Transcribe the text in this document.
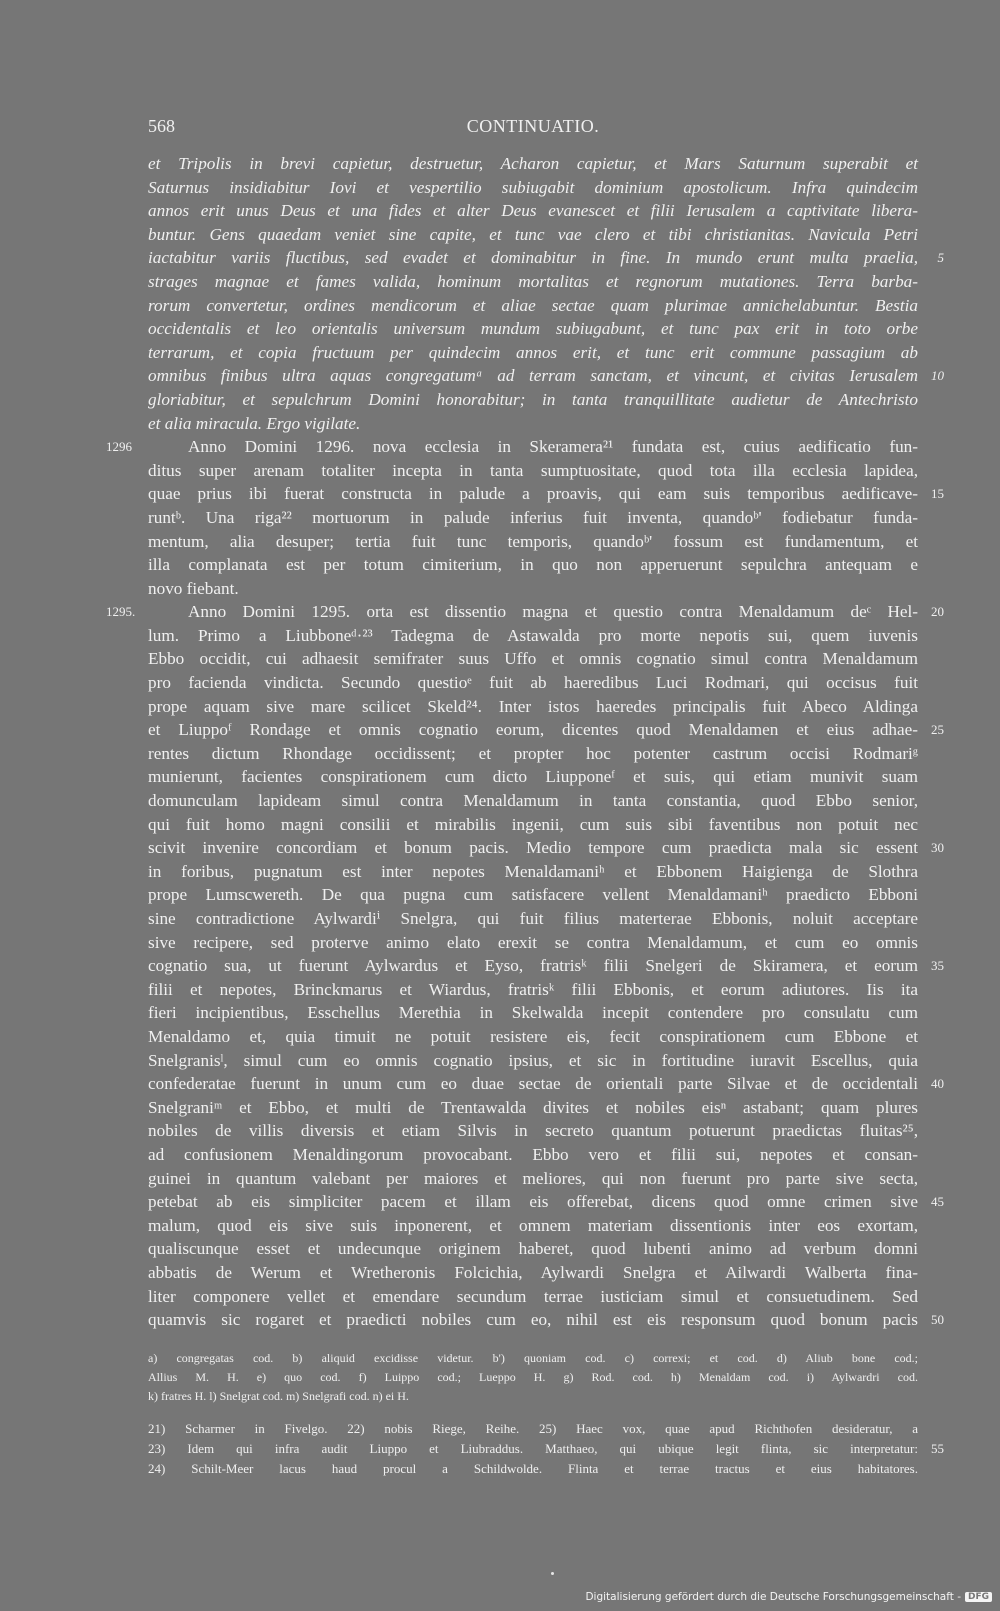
568	CONTINUATIO.
et Tripolis in brevi capietur, destruetur, Acharon capietur, et Mars Saturnum superabit et
Saturnus insidiabitur Iovi et vespertilio subiugabit dominium apostolicum. Infra quindecim
annos erit unus Deus et una fides et alter Deus evanescet et filii Ierusalem a captivitate libera-
buntur. Gens quaedam veniet sine capite, et tunc vae clero et tibi christianitas. Navicula Petri
iactabitur variis fluctibus, sed evadet et dominabitur in fine. In mundo erunt multa praelia, 5
strages magnae et fames valida, hominum mortalitas et regnorum mutationes. Terra barba-
rorum convertetur, ordines mendicorum et aliae sectae quam plurimae annichelabuntur. Bestia
occidentalis et leo orientalis universum mundum subiugabunt, et tunc pax erit in toto orbe
terrarum, et copia fructuum per quindecim annos erit, et tunc erit commune passagium ab
omnibus finibus ultra aquas congregatumᵃ ad terram sanctam, et vincunt, et civitas Ierusalem 10
gloriabitur, et sepulchrum Domini honorabitur; in tanta tranquillitate audietur de Antechristo
et alia miracula. Ergo vigilate.
Anno Domini 1296. nova ecclesia in Skeramera²¹ fundata est, cuius aedificatio fun-
1296
ditus super arenam totaliter incepta in tanta sumptuositate, quod tota illa ecclesia lapidea,
quae prius ibi fuerat constructa in palude a proavis, qui eam suis temporibus aedificave- 15
runtᵇ. Una riga²² mortuorum in palude inferius fuit inventa, quandoᵇ' fodiebatur funda-
mentum, alia desuper; tertia fuit tunc temporis, quandoᵇ' fossum est fundamentum, et
illa complanata est per totum cimiterium, in quo non apperuerunt sepulchra antequam e
novo fiebant.
Anno Domini 1295. orta est dissentio magna et questio contra Menaldamum deᶜ Hel- 20
1295.
lum. Primo a Liubboneᵈ·²³ Tadegma de Astawalda pro morte nepotis sui, quem iuvenis
Ebbo occidit, cui adhaesit semifrater suus Uffo et omnis cognatio simul contra Menaldamum
pro facienda vindicta. Secundo questioᵉ fuit ab haeredibus Luci Rodmari, qui occisus fuit
prope aquam sive mare scilicet Skeld²⁴. Inter istos haeredes principalis fuit Abeco Aldinga
et Liuppoᶠ Rondage et omnis cognatio eorum, dicentes quod Menaldamen et eius adhae- 25
rentes dictum Rhondage occidissent; et propter hoc potenter castrum occisi Rodmariᵍ
munierunt, facientes conspirationem cum dicto Liupponeᶠ et suis, qui etiam munivit suam
domunculam lapideam simul contra Menaldamum in tanta constantia, quod Ebbo senior,
qui fuit homo magni consilii et mirabilis ingenii, cum suis sibi faventibus non potuit nec
scivit invenire concordiam et bonum pacis. Medio tempore cum praedicta mala sic essent 30
in foribus, pugnatum est inter nepotes Menaldamaniʰ et Ebbonem Haigienga de Slothra
prope Lumscwereth. De qua pugna cum satisfacere vellent Menaldamaniʰ praedicto Ebboni
sine contradictione Aylwardiⁱ Snelgra, qui fuit filius materterae Ebbonis, noluit acceptare
sive recipere, sed proterve animo elato erexit se contra Menaldamum, et cum eo omnis
cognatio sua, ut fuerunt Aylwardus et Eyso, fratrisᵏ filii Snelgeri de Skiramera, et eorum 35
filii et nepotes, Brinckmarus et Wiardus, fratrisᵏ filii Ebbonis, et eorum adiutores. Iis ita
fieri incipientibus, Esschellus Merethia in Skelwalda incepit contendere pro consulatu cum
Menaldamo et, quia timuit ne potuit resistere eis, fecit conspirationem cum Ebbone et
Snelgranisˡ, simul cum eo omnis cognatio ipsius, et sic in fortitudine iuravit Escellus, quia
confederatae fuerunt in unum cum eo duae sectae de orientali parte Silvae et de occidentali 40
Snelgraniᵐ et Ebbo, et multi de Trentawalda divites et nobiles eisⁿ astabant; quam plures
nobiles de villis diversis et etiam Silvis in secreto quantum potuerunt praedictas fluitas²⁵,
ad confusionem Menaldingorum provocabant. Ebbo vero et filii sui, nepotes et consan-
guinei in quantum valebant per maiores et meliores, qui non fuerunt pro parte sive secta,
petebat ab eis simpliciter pacem et illam eis offerebat, dicens quod omne crimen sive 45
malum, quod eis sive suis inponerent, et omnem materiam dissentionis inter eos exortam,
qualiscunque esset et undecunque originem haberet, quod lubenti animo ad verbum domni
abbatis de Werum et Wretheronis Folcichia, Aylwardi Snelgra et Ailwardi Walberta fina-
liter componere vellet et emendare secundum terrae iusticiam simul et consuetudinem. Sed
quamvis sic rogaret et praedicti nobiles cum eo, nihil est eis responsum quod bonum pacis 50
a) congregatas cod. b) aliquid excidisse videtur. b') quoniam cod. c) correxi; et cod. d) Aliub bone cod.;
Allius M. H. e) quo cod. f) Luippo cod.; Lueppo H. g) Rod. cod. h) Menaldam cod. i) Aylwardri cod.
k) fratres H. l) Snelgrat cod. m) Snelgrafi cod. n) ei H.
21) Scharmer in Fivelgo. 22) nobis Riege, Reihe. 25) Haec vox, quae apud Richthofen desideratur, a
23) Idem qui infra audit Liuppo et Liubraddus. Matthaeo, qui ubique legit flinta, sic interpretatur: 55
24) Schilt-Meer lacus haud procul a Schildwolde. Flinta et terrae tractus et eius habitatores.
Digitalisierung gefördert durch die Deutsche Forschungsgemeinschaft - DFG
